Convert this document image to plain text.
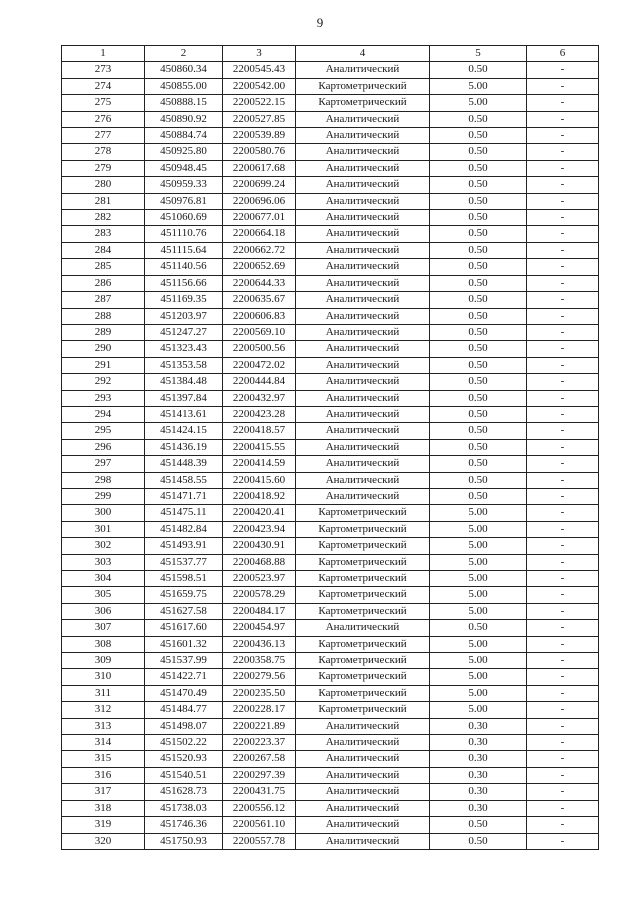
9
1	2	3	4	5	6
273	450860.34	2200545.43	Аналитический	0.50	-
274	450855.00	2200542.00	Картометрический	5.00	-
275	450888.15	2200522.15	Картометрический	5.00	-
276	450890.92	2200527.85	Аналитический	0.50	-
277	450884.74	2200539.89	Аналитический	0.50	-
278	450925.80	2200580.76	Аналитический	0.50	-
279	450948.45	2200617.68	Аналитический	0.50	-
280	450959.33	2200699.24	Аналитический	0.50	-
281	450976.81	2200696.06	Аналитический	0.50	-
282	451060.69	2200677.01	Аналитический	0.50	-
283	451110.76	2200664.18	Аналитический	0.50	-
284	451115.64	2200662.72	Аналитический	0.50	-
285	451140.56	2200652.69	Аналитический	0.50	-
286	451156.66	2200644.33	Аналитический	0.50	-
287	451169.35	2200635.67	Аналитический	0.50	-
288	451203.97	2200606.83	Аналитический	0.50	-
289	451247.27	2200569.10	Аналитический	0.50	-
290	451323.43	2200500.56	Аналитический	0.50	-
291	451353.58	2200472.02	Аналитический	0.50	-
292	451384.48	2200444.84	Аналитический	0.50	-
293	451397.84	2200432.97	Аналитический	0.50	-
294	451413.61	2200423.28	Аналитический	0.50	-
295	451424.15	2200418.57	Аналитический	0.50	-
296	451436.19	2200415.55	Аналитический	0.50	-
297	451448.39	2200414.59	Аналитический	0.50	-
298	451458.55	2200415.60	Аналитический	0.50	-
299	451471.71	2200418.92	Аналитический	0.50	-
300	451475.11	2200420.41	Картометрический	5.00	-
301	451482.84	2200423.94	Картометрический	5.00	-
302	451493.91	2200430.91	Картометрический	5.00	-
303	451537.77	2200468.88	Картометрический	5.00	-
304	451598.51	2200523.97	Картометрический	5.00	-
305	451659.75	2200578.29	Картометрический	5.00	-
306	451627.58	2200484.17	Картометрический	5.00	-
307	451617.60	2200454.97	Аналитический	0.50	-
308	451601.32	2200436.13	Картометрический	5.00	-
309	451537.99	2200358.75	Картометрический	5.00	-
310	451422.71	2200279.56	Картометрический	5.00	-
311	451470.49	2200235.50	Картометрический	5.00	-
312	451484.77	2200228.17	Картометрический	5.00	-
313	451498.07	2200221.89	Аналитический	0.30	-
314	451502.22	2200223.37	Аналитический	0.30	-
315	451520.93	2200267.58	Аналитический	0.30	-
316	451540.51	2200297.39	Аналитический	0.30	-
317	451628.73	2200431.75	Аналитический	0.30	-
318	451738.03	2200556.12	Аналитический	0.30	-
319	451746.36	2200561.10	Аналитический	0.50	-
320	451750.93	2200557.78	Аналитический	0.50	-
